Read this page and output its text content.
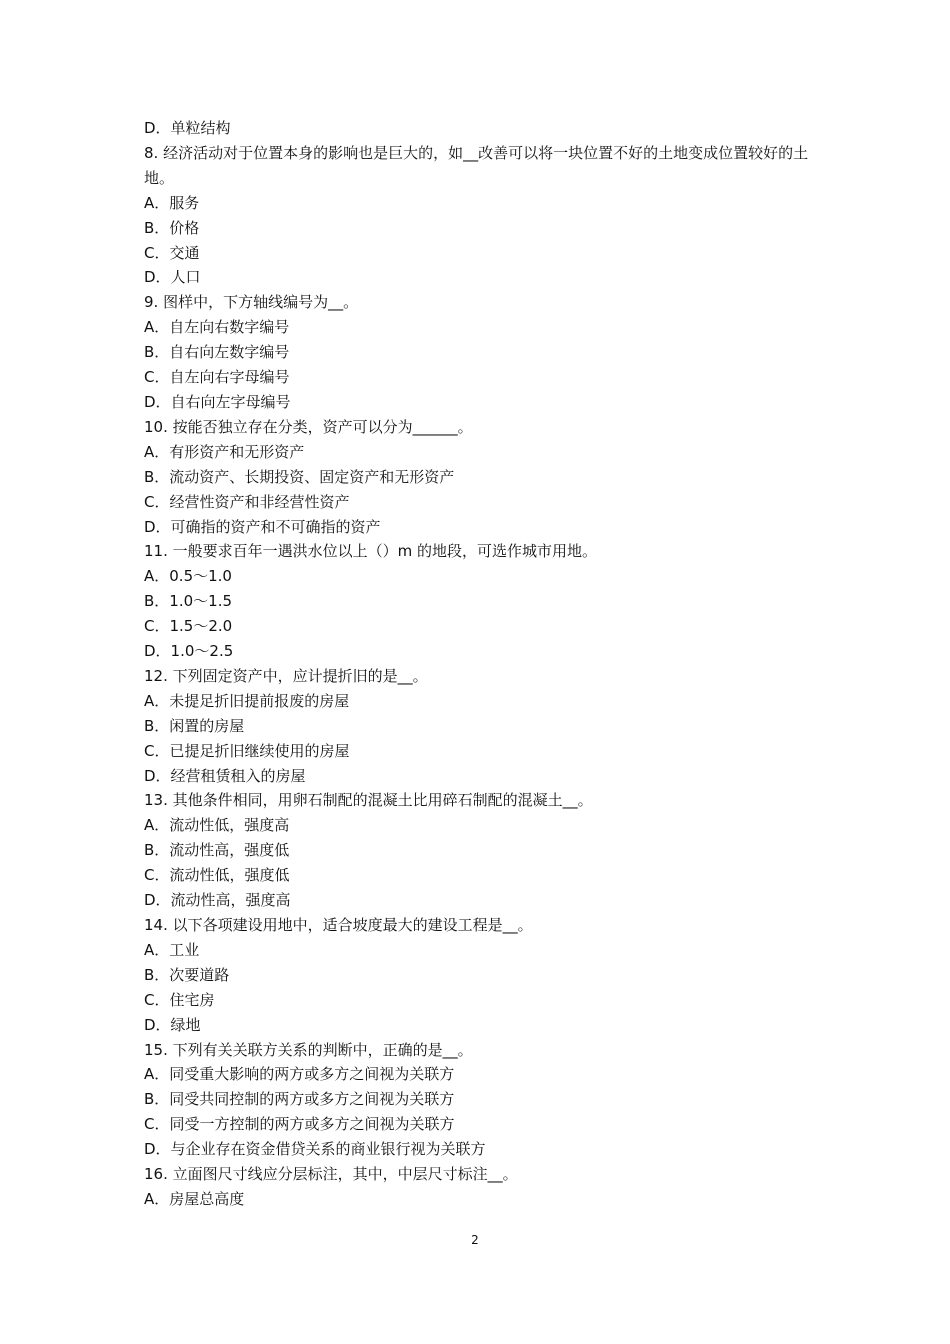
D．单粒结构

8. 经济活动对于位置本身的影响也是巨大的，如__改善可以将一块位置不好的土地变成位置较好的土地。

A．服务

B．价格

C．交通

D．人口

9. 图样中，下方轴线编号为__。

A．自左向右数字编号

B．自右向左数字编号

C．自左向右字母编号

D．自右向左字母编号

10. 按能否独立存在分类，资产可以分为______。

A．有形资产和无形资产

B．流动资产、长期投资、固定资产和无形资产

C．经营性资产和非经营性资产

D．可确指的资产和不可确指的资产

11. 一般要求百年一遇洪水位以上（）m 的地段，可选作城市用地。

A．0.5～1.0

B．1.0～1.5

C．1.5～2.0

D．1.0～2.5

12. 下列固定资产中，应计提折旧的是__。

A．未提足折旧提前报废的房屋

B．闲置的房屋

C．已提足折旧继续使用的房屋

D．经营租赁租入的房屋

13. 其他条件相同，用卵石制配的混凝土比用碎石制配的混凝土__。

A．流动性低，强度高

B．流动性高，强度低

C．流动性低，强度低

D．流动性高，强度高

14. 以下各项建设用地中，适合坡度最大的建设工程是__。

A．工业

B．次要道路

C．住宅房

D．绿地

15. 下列有关关联方关系的判断中，正确的是__。

A．同受重大影响的两方或多方之间视为关联方

B．同受共同控制的两方或多方之间视为关联方

C．同受一方控制的两方或多方之间视为关联方

D．与企业存在资金借贷关系的商业银行视为关联方

16. 立面图尺寸线应分层标注，其中，中层尺寸标注__。

A．房屋总高度

2
